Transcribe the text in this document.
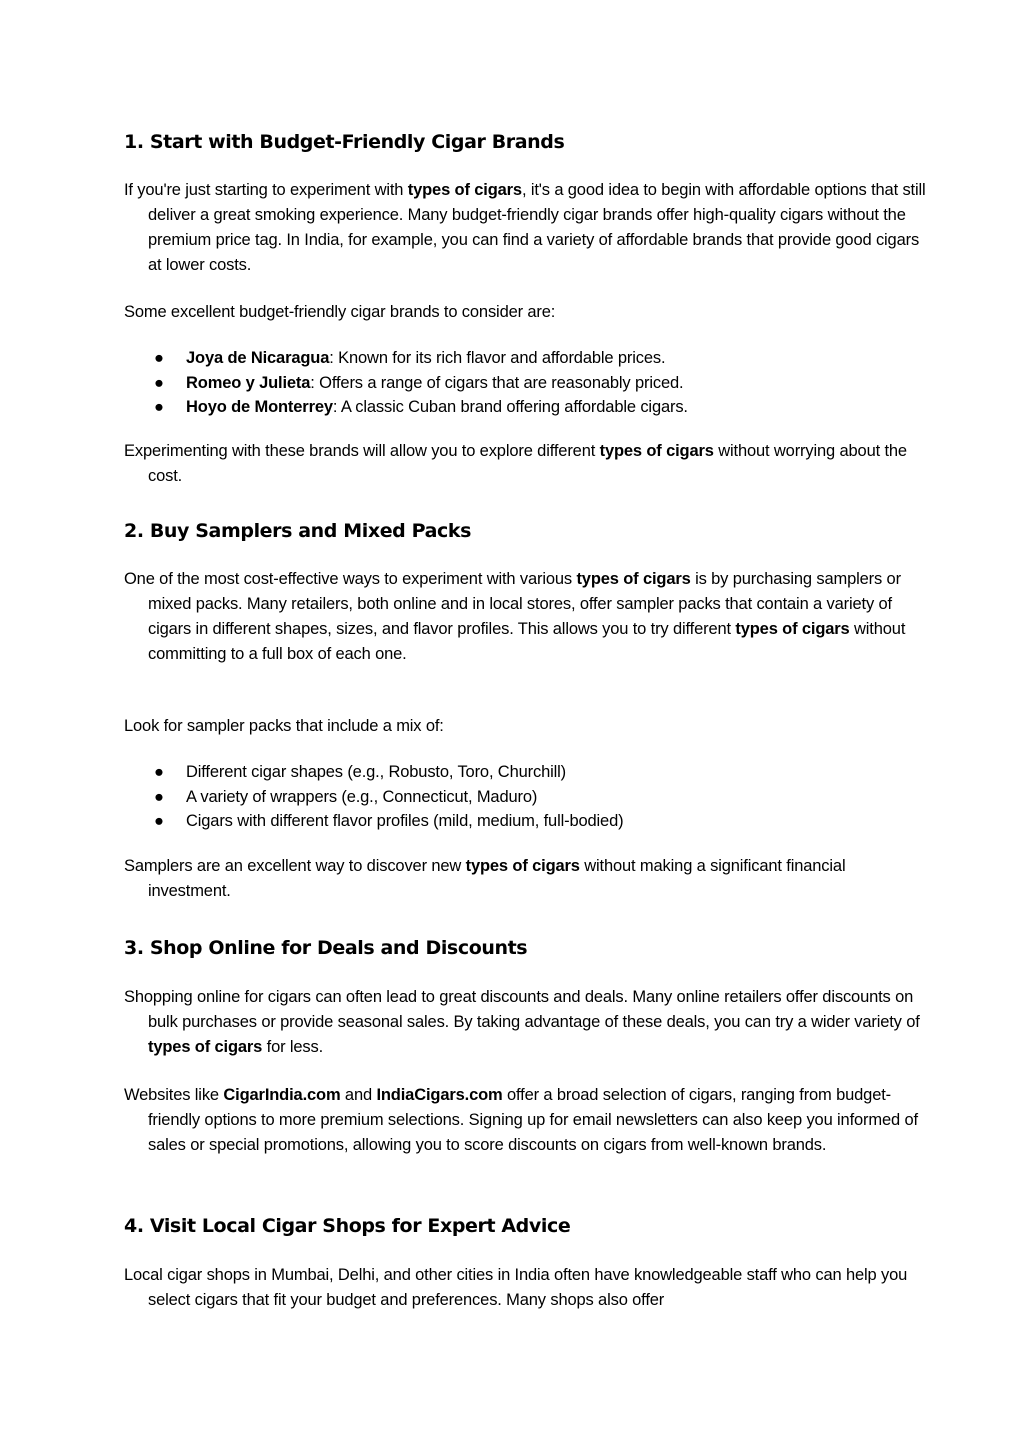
1. Start with Budget-Friendly Cigar Brands

If you're just starting to experiment with types of cigars, it's a good idea to begin with affordable options that still deliver a great smoking experience. Many budget-friendly cigar brands offer high-quality cigars without the premium price tag. In India, for example, you can find a variety of affordable brands that provide good cigars at lower costs.

Some excellent budget-friendly cigar brands to consider are:

● Joya de Nicaragua: Known for its rich flavor and affordable prices.
● Romeo y Julieta: Offers a range of cigars that are reasonably priced.
● Hoyo de Monterrey: A classic Cuban brand offering affordable cigars.

Experimenting with these brands will allow you to explore different types of cigars without worrying about the cost.

2. Buy Samplers and Mixed Packs

One of the most cost-effective ways to experiment with various types of cigars is by purchasing samplers or mixed packs. Many retailers, both online and in local stores, offer sampler packs that contain a variety of cigars in different shapes, sizes, and flavor profiles. This allows you to try different types of cigars without committing to a full box of each one.

Look for sampler packs that include a mix of:

● Different cigar shapes (e.g., Robusto, Toro, Churchill)
● A variety of wrappers (e.g., Connecticut, Maduro)
● Cigars with different flavor profiles (mild, medium, full-bodied)

Samplers are an excellent way to discover new types of cigars without making a significant financial investment.

3. Shop Online for Deals and Discounts

Shopping online for cigars can often lead to great discounts and deals. Many online retailers offer discounts on bulk purchases or provide seasonal sales. By taking advantage of these deals, you can try a wider variety of types of cigars for less.

Websites like CigarIndia.com and IndiaCigars.com offer a broad selection of cigars, ranging from budget-friendly options to more premium selections. Signing up for email newsletters can also keep you informed of sales or special promotions, allowing you to score discounts on cigars from well-known brands.

4. Visit Local Cigar Shops for Expert Advice

Local cigar shops in Mumbai, Delhi, and other cities in India often have knowledgeable staff who can help you select cigars that fit your budget and preferences. Many shops also offer
